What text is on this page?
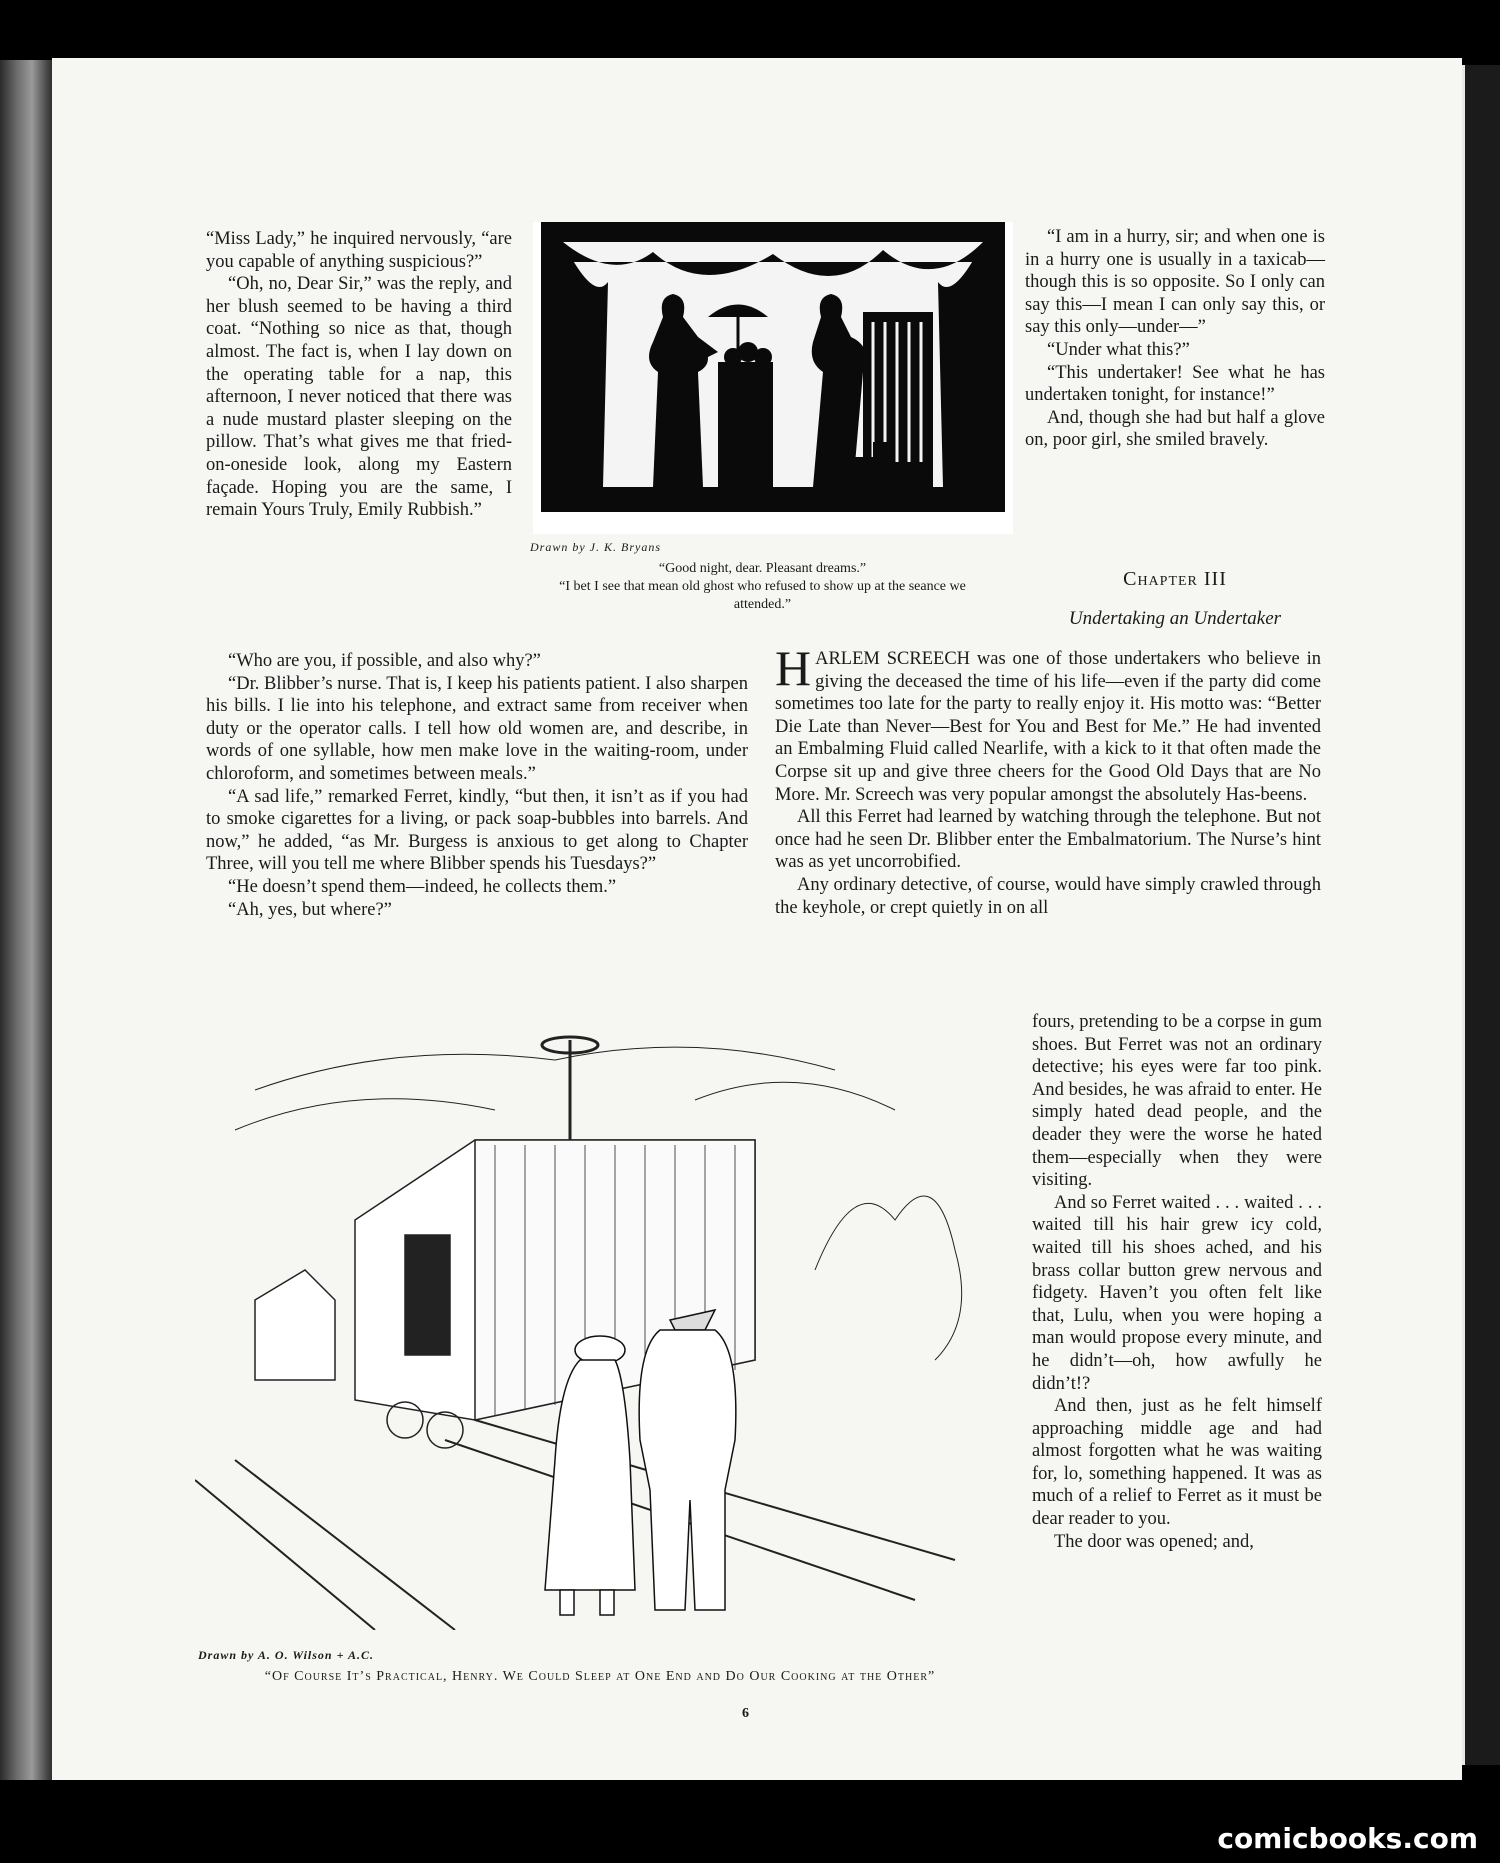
“Miss Lady,” he inquired nervously, “are you capable of anything suspicious?”

“Oh, no, Dear Sir,” was the reply, and her blush seemed to be having a third coat. “Nothing so nice as that, though almost. The fact is, when I lay down on the operating table for a nap, this afternoon, I never noticed that there was a nude mustard plaster sleeping on the pillow. That’s what gives me that fried-on-oneside look, along my Eastern façade. Hoping you are the same, I remain Yours Truly, Emily Rubbish.”

Drawn by J. K. Bryans
“Good night, dear. Pleasant dreams.”
“I bet I see that mean old ghost who refused to show up at the seance we attended.”

“Who are you, if possible, and also why?”

“Dr. Blibber’s nurse. That is, I keep his patients patient. I also sharpen his bills. I lie into his telephone, and extract same from receiver when duty or the operator calls. I tell how old women are, and describe, in words of one syllable, how men make love in the waiting-room, under chloroform, and sometimes between meals.”

“A sad life,” remarked Ferret, kindly, “but then, it isn’t as if you had to smoke cigarettes for a living, or pack soap-bubbles into barrels. And now,” he added, “as Mr. Burgess is anxious to get along to Chapter Three, will you tell me where Blibber spends his Tuesdays?”

“He doesn’t spend them—indeed, he collects them.”

“Ah, yes, but where?”

“I am in a hurry, sir; and when one is in a hurry one is usually in a taxicab—though this is so opposite. So I only can say this—I mean I can only say this, or say this only—under—”

“Under what this?”

“This undertaker! See what he has undertaken tonight, for instance!”

And, though she had but half a glove on, poor girl, she smiled bravely.

Chapter III
Undertaking an Undertaker

HARLEM SCREECH was one of those undertakers who believe in giving the deceased the time of his life—even if the party did come sometimes too late for the party to really enjoy it. His motto was: “Better Die Late than Never—Best for You and Best for Me.” He had invented an Embalming Fluid called Nearlife, with a kick to it that often made the Corpse sit up and give three cheers for the Good Old Days that are No More. Mr. Screech was very popular amongst the absolutely Has-beens.

All this Ferret had learned by watching through the telephone. But not once had he seen Dr. Blibber enter the Embalmatorium. The Nurse’s hint was as yet uncorrobified.

Any ordinary detective, of course, would have simply crawled through the keyhole, or crept quietly in on all

fours, pretending to be a corpse in gum shoes. But Ferret was not an ordinary detective; his eyes were far too pink. And besides, he was afraid to enter. He simply hated dead people, and the deader they were the worse he hated them—especially when they were visiting.

And so Ferret waited . . . waited . . . waited till his hair grew icy cold, waited till his shoes ached, and his brass collar button grew nervous and fidgety. Haven’t you often felt like that, Lulu, when you were hoping a man would propose every minute, and he didn’t—oh, how awfully he didn’t!?

And then, just as he felt himself approaching middle age and had almost forgotten what he was waiting for, lo, something happened. It was as much of a relief to Ferret as it must be dear reader to you.

The door was opened; and,

Drawn by A. O. Wilson + A.C.
“Of Course It’s Practical, Henry. We Could Sleep at One End and Do Our Cooking at the Other”
6
comicbooks.com
